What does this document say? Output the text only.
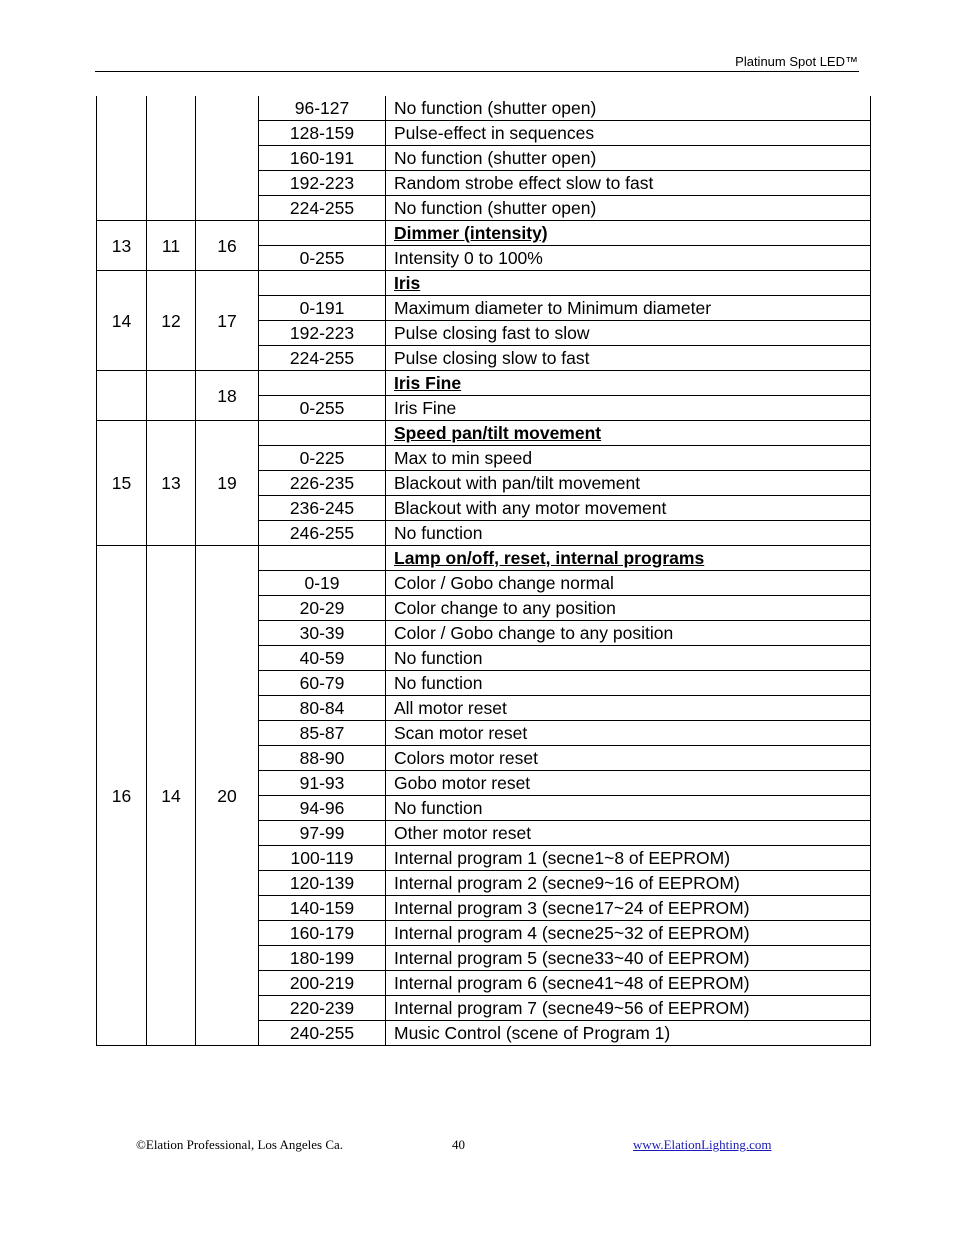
Platinum Spot LED™
			96-127	No function (shutter open)
			128-159	Pulse-effect in sequences
			160-191	No function (shutter open)
			192-223	Random strobe effect slow to fast
			224-255	No function (shutter open)
13	11	16		Dimmer (intensity)
			0-255	Intensity 0 to 100%
14	12	17		Iris
			0-191	Maximum diameter to Minimum diameter
			192-223	Pulse closing fast to slow
			224-255	Pulse closing slow to fast
		18		Iris Fine
			0-255	Iris Fine
15	13	19		Speed pan/tilt movement
			0-225	Max to min speed
			226-235	Blackout with pan/tilt movement
			236-245	Blackout with any motor movement
			246-255	No function
16	14	20		Lamp on/off, reset, internal programs
			0-19	Color / Gobo change normal
			20-29	Color change to any position
			30-39	Color / Gobo change to any position
			40-59	No function
			60-79	No function
			80-84	All motor reset
			85-87	Scan motor reset
			88-90	Colors motor reset
			91-93	Gobo motor reset
			94-96	No function
			97-99	Other motor reset
			100-119	Internal program 1 (secne1~8 of EEPROM)
			120-139	Internal program 2 (secne9~16 of EEPROM)
			140-159	Internal program 3 (secne17~24 of EEPROM)
			160-179	Internal program 4 (secne25~32 of EEPROM)
			180-199	Internal program 5 (secne33~40 of EEPROM)
			200-219	Internal program 6 (secne41~48 of EEPROM)
			220-239	Internal program 7 (secne49~56 of EEPROM)
			240-255	Music Control (scene of Program 1)
©Elation Professional, Los Angeles Ca.	40	www.ElationLighting.com
